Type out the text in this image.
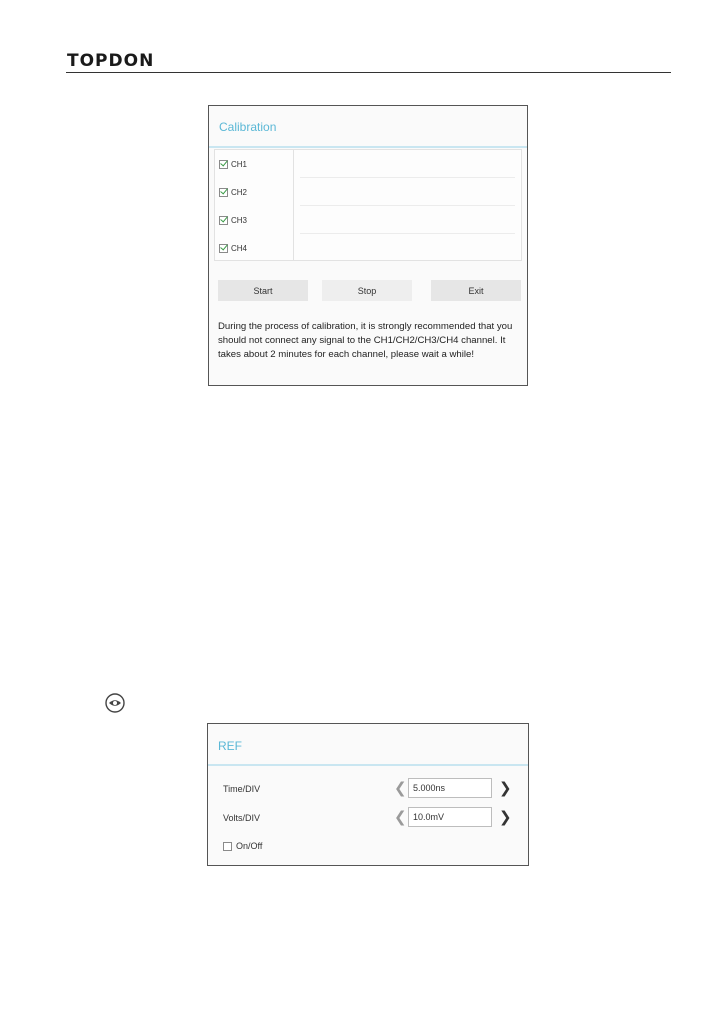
TOPDON
Calibration
CH1
CH2
CH3
CH4
Start	Stop	Exit
During the process of calibration, it is strongly recommended that you should not connect any signal to the CH1/CH2/CH3/CH4 channel. It takes about 2 minutes for each channel, please wait a while!
REF
Time/DIV	❮ 5.000ns	❯
Volts/DIV	❮ 10.0mV	❯
On/Off
